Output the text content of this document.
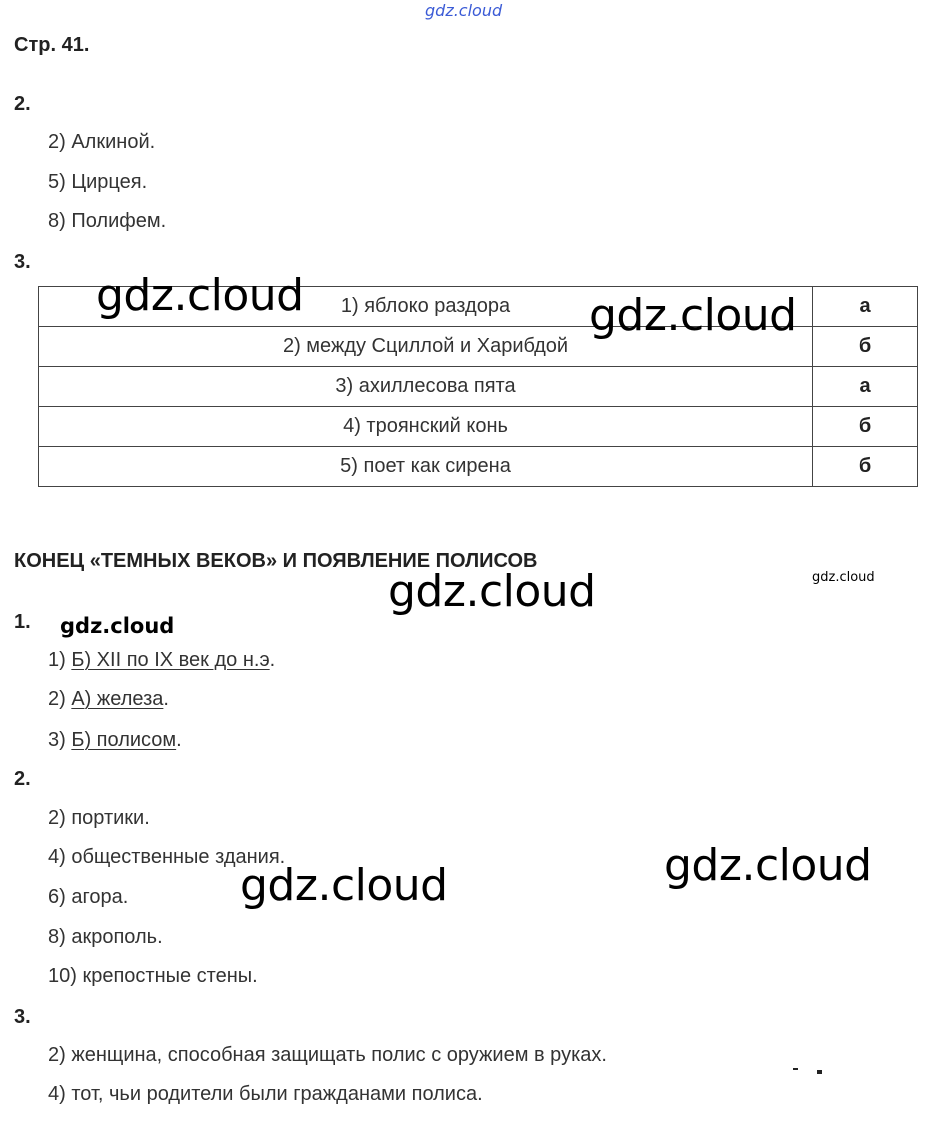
gdz.cloud
Стр. 41.
2.
2) Алкиной.
5) Цирцея.
8) Полифем.
3.
1) яблоко раздора	а
2) между Сциллой и Харибдой	б
3) ахиллесова пята	а
4) троянский конь	б
5) поет как сирена	б
gdz.cloud	gdz.cloud
КОНЕЦ «ТЕМНЫХ ВЕКОВ» И ПОЯВЛЕНИЕ ПОЛИСОВ
gdz.cloud
gdz.cloud
1. gdz.cloud
1) Б) XII по IX век до н.э.
2) А) железа.
3) Б) полисом.
2.
2) портики.
4) общественные здания.
6) агора.
8) акрополь.
10) крепостные стены.
gdz.cloud	gdz.cloud
3.
2) женщина, способная защищать полис с оружием в руках.
4) тот, чьи родители были гражданами полиса.
